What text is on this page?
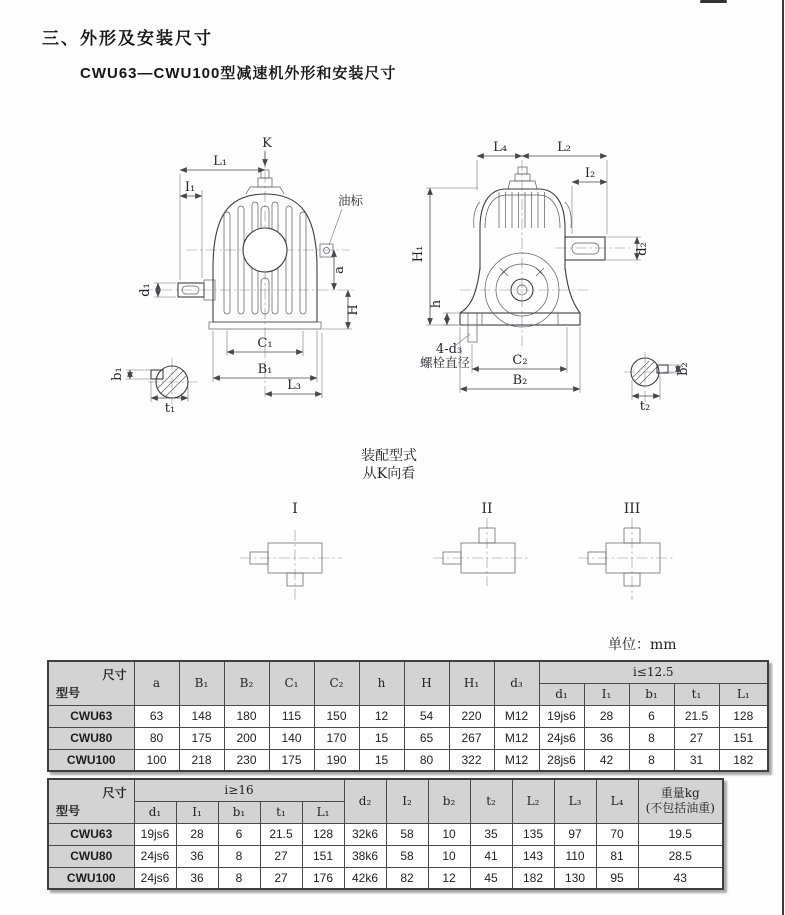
三、外形及安装尺寸
CWU63—CWU100型减速机外形和安装尺寸
K
L₁
I₁
油标
a
H
d₁
C₁
B₁
L₃
b₁
t₁
L₄	L₂
I₂
H₁	d₂
h
4-d₃
螺栓直径	C₂
B₂
b₂
t₂
装配型式
从K向看
I	II	III
单位：mm
尺寸
型号	a	B₁	B₂	C₁	C₂	h	H	H₁	d₃	i≤12.5				
										d₁	I₁	b₁	t₁	L₁
CWU63	63	148	180	115	150	12	54	220	M12	19js6	28	6	21.5	128
CWU80	80	175	200	140	170	15	65	267	M12	24js6	36	8	27	151
CWU100	100	218	230	175	190	15	80	322	M12	28js6	42	8	31	182
尺寸
型号	i≥16					d₂	I₂	b₂	t₂	L₂	L₃	L₄	重量kg
(不包括油重)

	d₁	I₁	b₁	t₁	L₁								
CWU63	19js6	28	6	21.5	128	32k6	58	10	35	135	97	70	19.5
CWU80	24js6	36	8	27	151	38k6	58	10	41	143	110	81	28.5
CWU100	24js6	36	8	27	176	42k6	82	12	45	182	130	95	43
